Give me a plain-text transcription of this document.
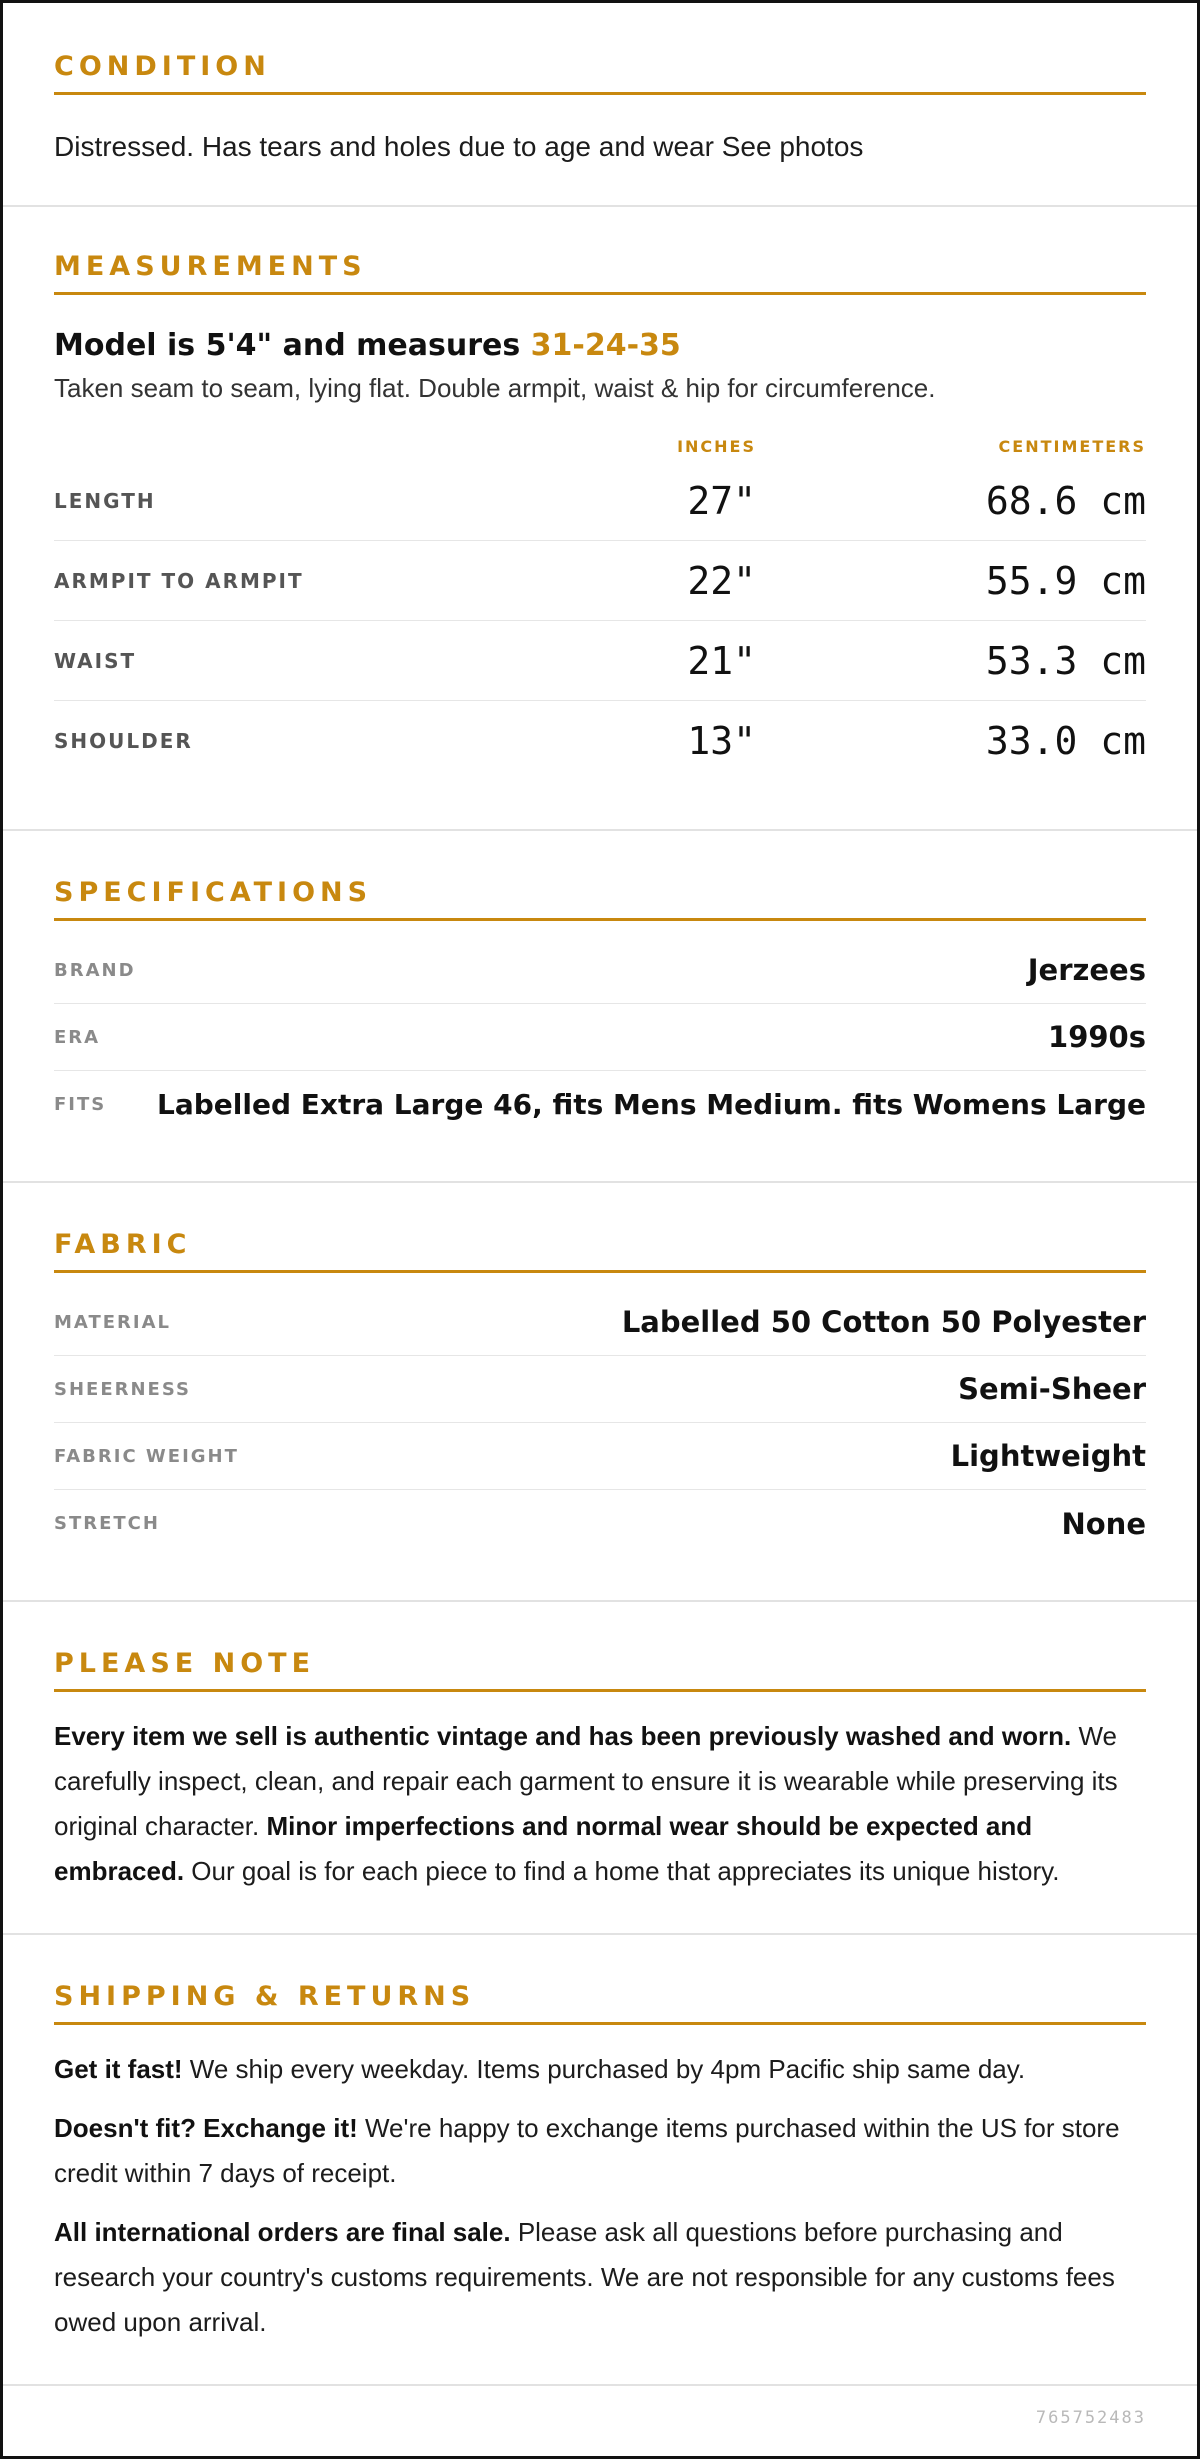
CONDITION

Distressed. Has tears and holes due to age and wear See photos

MEASUREMENTS
Model is 5'4" and measures 31-24-35

Taken seam to seam, lying flat. Double armpit, waist & hip for circumference.

INCHES	CENTIMETERS
LENGTH	27"	68.6 cm
ARMPIT TO ARMPIT	22"	55.9 cm
WAIST	21"	53.3 cm
SHOULDER	13"	33.0 cm
SPECIFICATIONS
BRAND	Jerzees
ERA	1990s
FITS Labelled Extra Large 46, fits Mens Medium. fits Womens Large
FABRIC
MATERIAL	Labelled 50 Cotton 50 Polyester
SHEERNESS	Semi-Sheer
FABRIC WEIGHT	Lightweight
STRETCH	None
PLEASE NOTE

Every item we sell is authentic vintage and has been previously washed and worn. We carefully inspect, clean, and repair each garment to ensure it is wearable while preserving its original character. Minor imperfections and normal wear should be expected and embraced. Our goal is for each piece to find a home that appreciates its unique history.

SHIPPING & RETURNS

Get it fast! We ship every weekday. Items purchased by 4pm Pacific ship same day.

Doesn't fit? Exchange it! We're happy to exchange items purchased within the US for store credit within 7 days of receipt.

All international orders are final sale. Please ask all questions before purchasing and research your country's customs requirements. We are not responsible for any customs fees owed upon arrival.

765752483
